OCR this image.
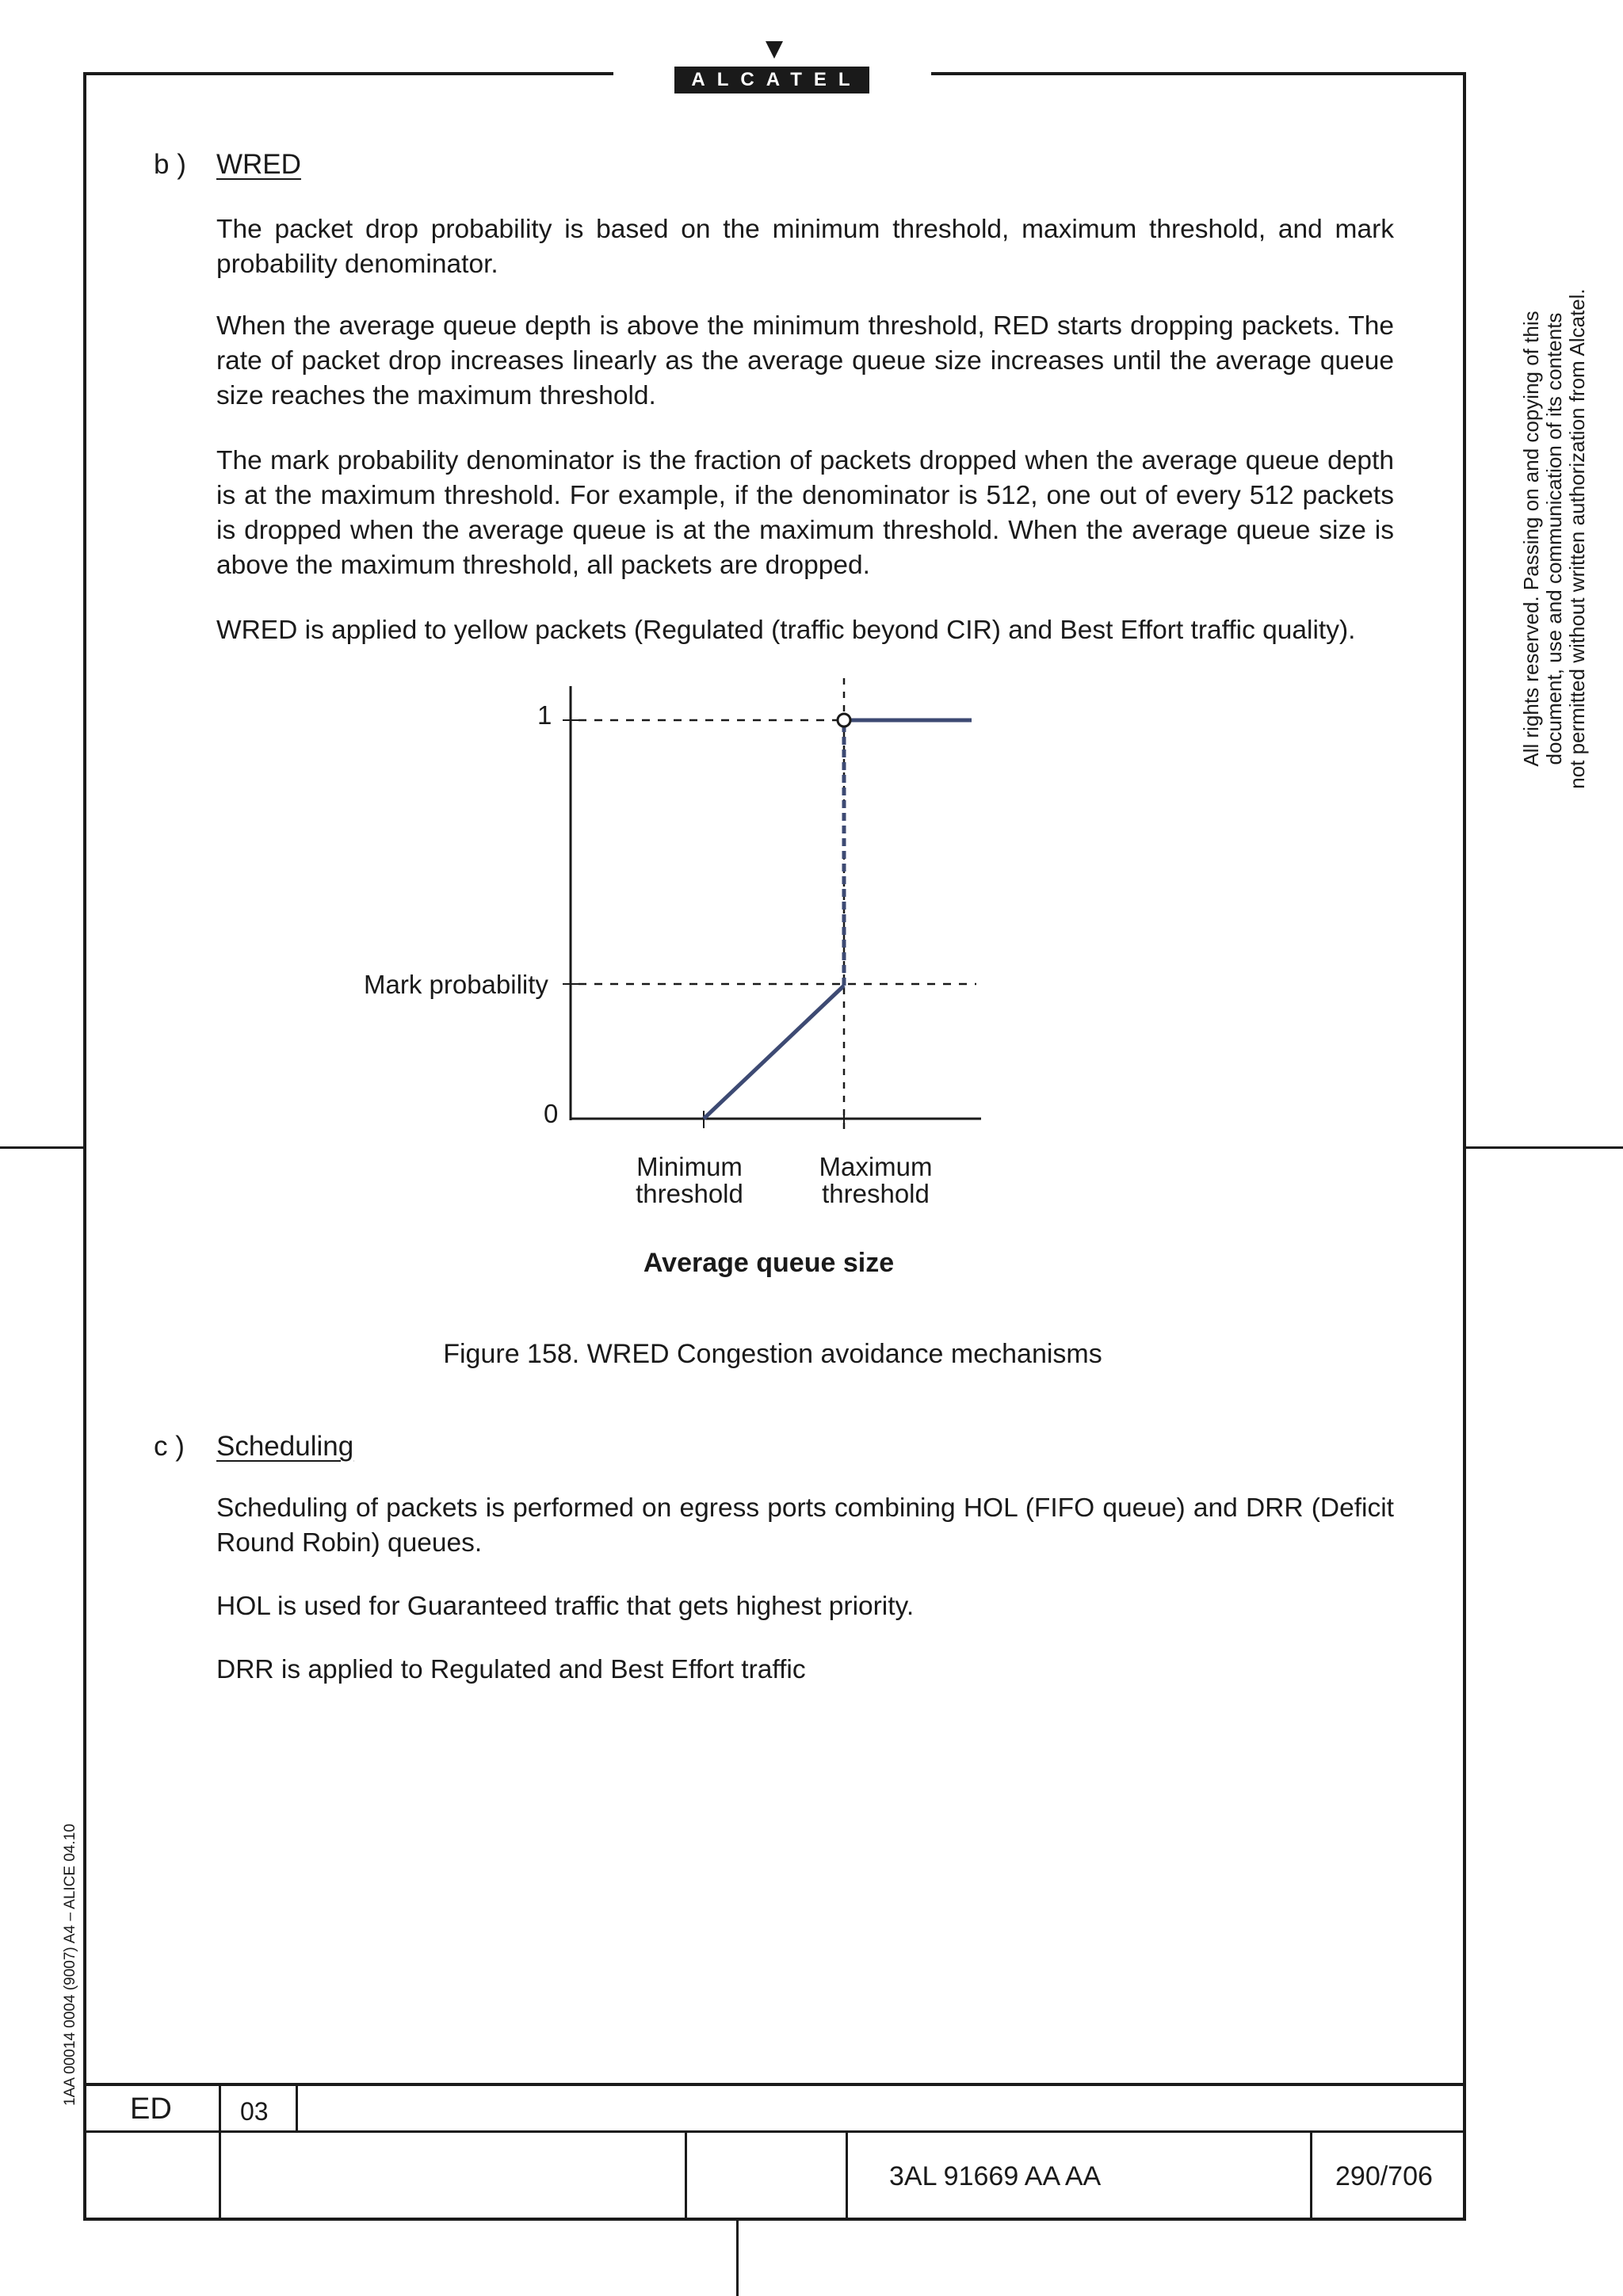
ALCATEL
b ) WRED

The packet drop probability is based on the minimum threshold, maximum threshold, and mark probability denominator.

When the average queue depth is above the minimum threshold, RED starts dropping packets. The rate of packet drop increases linearly as the average queue size increases until the average queue size reaches the maximum threshold.

The mark probability denominator is the fraction of packets dropped when the average queue depth is at the maximum threshold. For example, if the denominator is 512, one out of every 512 packets is dropped when the average queue is at the maximum threshold. When the average queue size is above the maximum threshold, all packets are dropped.

WRED is applied to yellow packets (Regulated (traffic beyond CIR) and Best Effort traffic quality).

1
Mark probability
0
Minimum
threshold
Maximum
threshold
Average queue size
Figure 158. WRED Congestion avoidance mechanisms
c ) Scheduling

Scheduling of packets is performed on egress ports combining HOL (FIFO queue) and DRR (Deficit Round Robin) queues.

HOL is used for Guaranteed traffic that gets highest priority.

DRR is applied to Regulated and Best Effort traffic

All rights reserved. Passing on and copying of this document, use and communication of its contents not permitted without written authorization from Alcatel.
1AA 00014 0004 (9007) A4 – ALICE 04.10
ED	03
3AL 91669 AA AA	290/706
